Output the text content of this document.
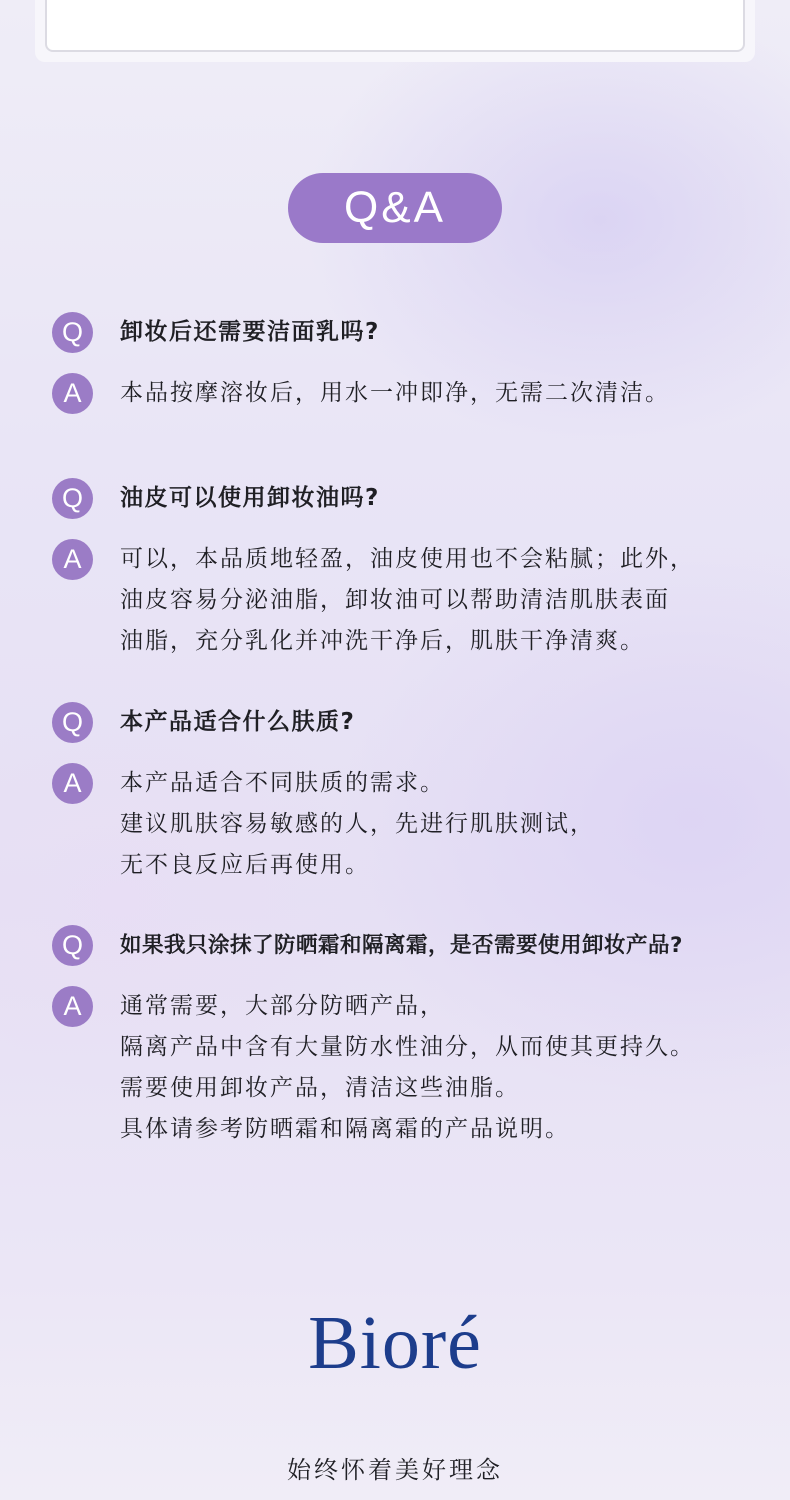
Q&A
Q	卸妆后还需要洁面乳吗?
A	本品按摩溶妆后，用水一冲即净，无需二次清洁。
Q	油皮可以使用卸妆油吗?
A	可以，本品质地轻盈，油皮使用也不会粘腻；此外，
油皮容易分泌油脂，卸妆油可以帮助清洁肌肤表面
油脂，充分乳化并冲洗干净后，肌肤干净清爽。
Q	本产品适合什么肤质?
A	本产品适合不同肤质的需求。
建议肌肤容易敏感的人，先进行肌肤测试，
无不良反应后再使用。
Q	如果我只涂抹了防晒霜和隔离霜，是否需要使用卸妆产品?
A	通常需要，大部分防晒产品，
隔离产品中含有大量防水性油分，从而使其更持久。
需要使用卸妆产品，清洁这些油脂。
具体请参考防晒霜和隔离霜的产品说明。
Bioré
始终怀着美好理念
